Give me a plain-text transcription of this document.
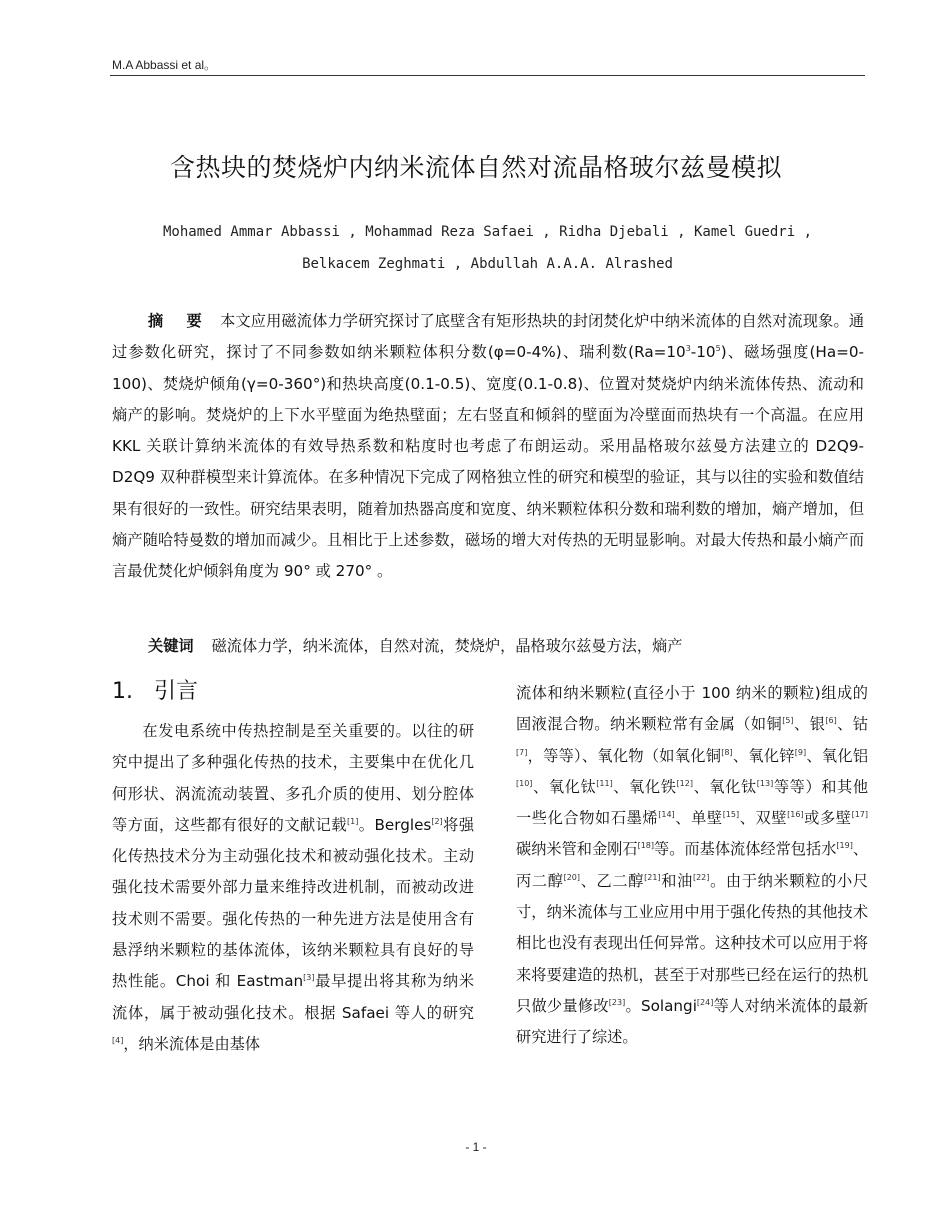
M.A Abbassi et al。
含热块的焚烧炉内纳米流体自然对流晶格玻尔兹曼模拟
Mohamed Ammar Abbassi , Mohammad Reza Safaei , Ridha Djebali , Kamel Guedri ,
Belkacem Zeghmati , Abdullah A.A.A. Alrashed
摘 要 本文应用磁流体力学研究探讨了底壁含有矩形热块的封闭焚化炉中纳米流体的自然对流现象。通过参数化研究，探讨了不同参数如纳米颗粒体积分数(φ=0-4%)、瑞利数$(Ra=10^3-10^5)$、磁场强度(Ha=0-100)、焚烧炉倾角(γ=0-360°)和热块高度(0.1-0.5)、宽度(0.1-0.8)、位置对焚烧炉内纳米流体传热、流动和熵产的影响。焚烧炉的上下水平壁面为绝热壁面；左右竖直和倾斜的壁面为冷壁面而热块有一个高温。在应用 KKL 关联计算纳米流体的有效导热系数和粘度时也考虑了布朗运动。采用晶格玻尔兹曼方法建立的 D2Q9-D2Q9 双种群模型来计算流体。在多种情况下完成了网格独立性的研究和模型的验证，其与以往的实验和数值结果有很好的一致性。研究结果表明，随着加热器高度和宽度、纳米颗粒体积分数和瑞利数的增加，熵产增加，但熵产随哈特曼数的增加而减少。且相比于上述参数，磁场的增大对传热的无明显影响。对最大传热和最小熵产而言最优焚化炉倾斜角度为 90° 或 270° 。
关键词 磁流体力学，纳米流体，自然对流，焚烧炉，晶格玻尔兹曼方法，熵产
1. 引言

在发电系统中传热控制是至关重要的。以往的研究中提出了多种强化传热的技术，主要集中在优化几何形状、涡流流动装置、多孔介质的使用、划分腔体等方面，这些都有很好的文献记载[1]。Bergles[2]将强化传热技术分为主动强化技术和被动强化技术。主动强化技术需要外部力量来维持改进机制，而被动改进技术则不需要。强化传热的一种先进方法是使用含有悬浮纳米颗粒的基体流体，该纳米颗粒具有良好的导热性能。Choi 和 Eastman[3]最早提出将其称为纳米流体，属于被动强化技术。根据 Safaei 等人的研究[4]，纳米流体是由基体

流体和纳米颗粒(直径小于 100 纳米的颗粒)组成的固液混合物。纳米颗粒常有金属（如铜[5]、银[6]、钴[7]，等等）、氧化物（如氧化铜[8]、氧化锌[9]、氧化铝[10]、氧化钛[11]、氧化铁[12]、氧化钛[13]等等）和其他一些化合物如石墨烯[14]、单壁[15]、双壁[16]或多壁[17]碳纳米管和金刚石[18]等。而基体流体经常包括水[19]、丙二醇[20]、乙二醇[21]和油[22]。由于纳米颗粒的小尺寸，纳米流体与工业应用中用于强化传热的其他技术相比也没有表现出任何异常。这种技术可以应用于将来将要建造的热机，甚至于对那些已经在运行的热机只做少量修改[23]。Solangi[24]等人对纳米流体的最新研究进行了综述。

- 1 -
